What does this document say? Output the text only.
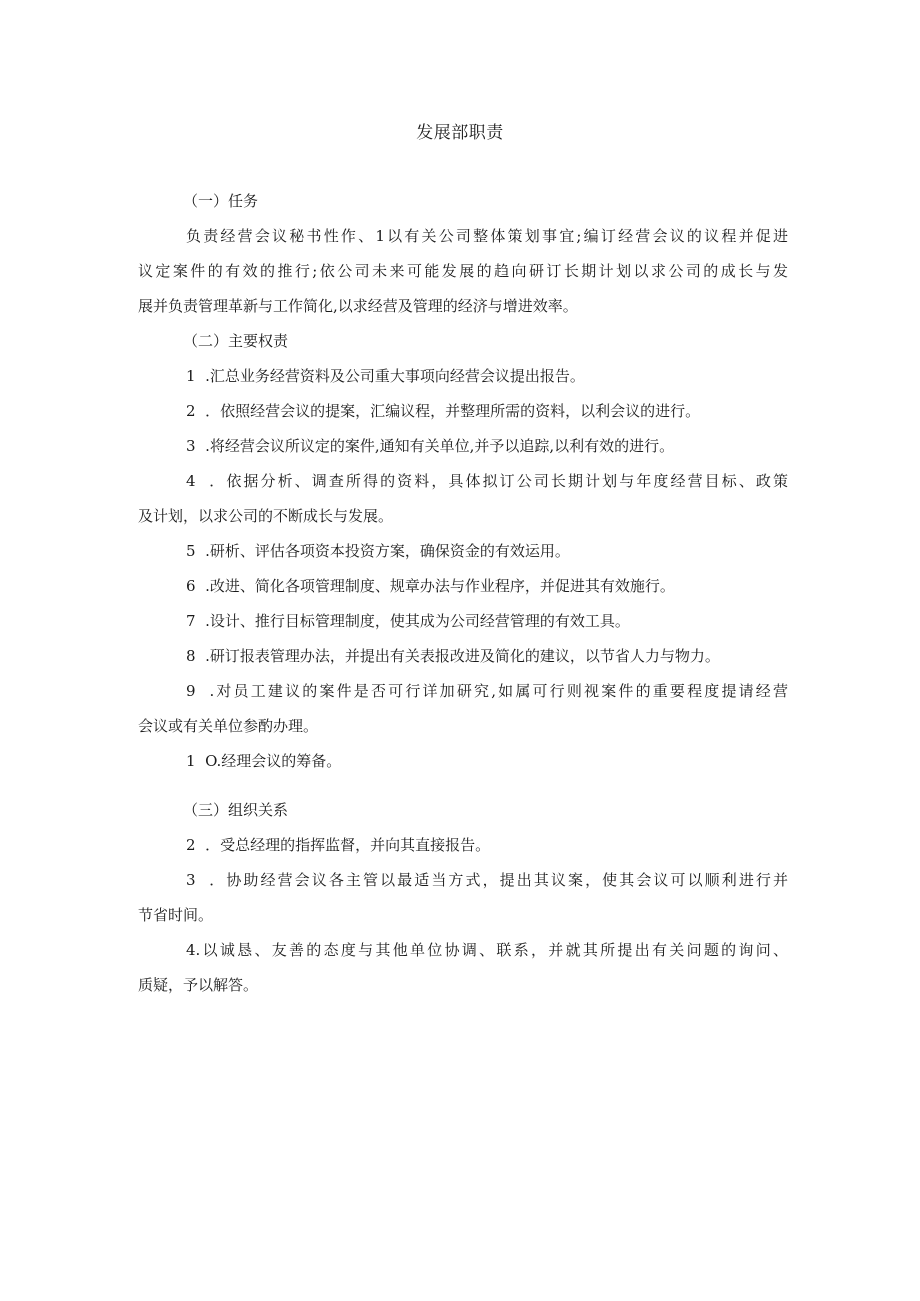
发展部职责
（一）任务
负责经营会议秘书性作、1以有关公司整体策划事宜;编订经营会议的议程并促进
议定案件的有效的推行;依公司未来可能发展的趋向研订长期计划以求公司的成长与发
展并负责管理革新与工作简化,以求经营及管理的经济与增进效率。
（二）主要权责
1 .汇总业务经营资料及公司重大事项向经营会议提出报告。
2 ．依照经营会议的提案，汇编议程，并整理所需的资料，以利会议的进行。
3 .将经营会议所议定的案件,通知有关单位,并予以追踪,以利有效的进行。
4 ．依据分析、调查所得的资料，具体拟订公司长期计划与年度经营目标、政策
及计划，以求公司的不断成长与发展。
5 .研析、评估各项资本投资方案，确保资金的有效运用。
6 .改进、简化各项管理制度、规章办法与作业程序，并促进其有效施行。
7 .设计、推行目标管理制度，使其成为公司经营管理的有效工具。
8 .研订报表管理办法，并提出有关表报改进及简化的建议，以节省人力与物力。
9 .对员工建议的案件是否可行详加研究,如属可行则视案件的重要程度提请经营
会议或有关单位参酌办理。
1 O.经理会议的筹备。
（三）组织关系
2 ．受总经理的指挥监督，并向其直接报告。
3 ．协助经营会议各主管以最适当方式，提出其议案，使其会议可以顺利进行并
节省时间。
4.以诚恳、友善的态度与其他单位协调、联系，并就其所提出有关问题的询问、
质疑，予以解答。
